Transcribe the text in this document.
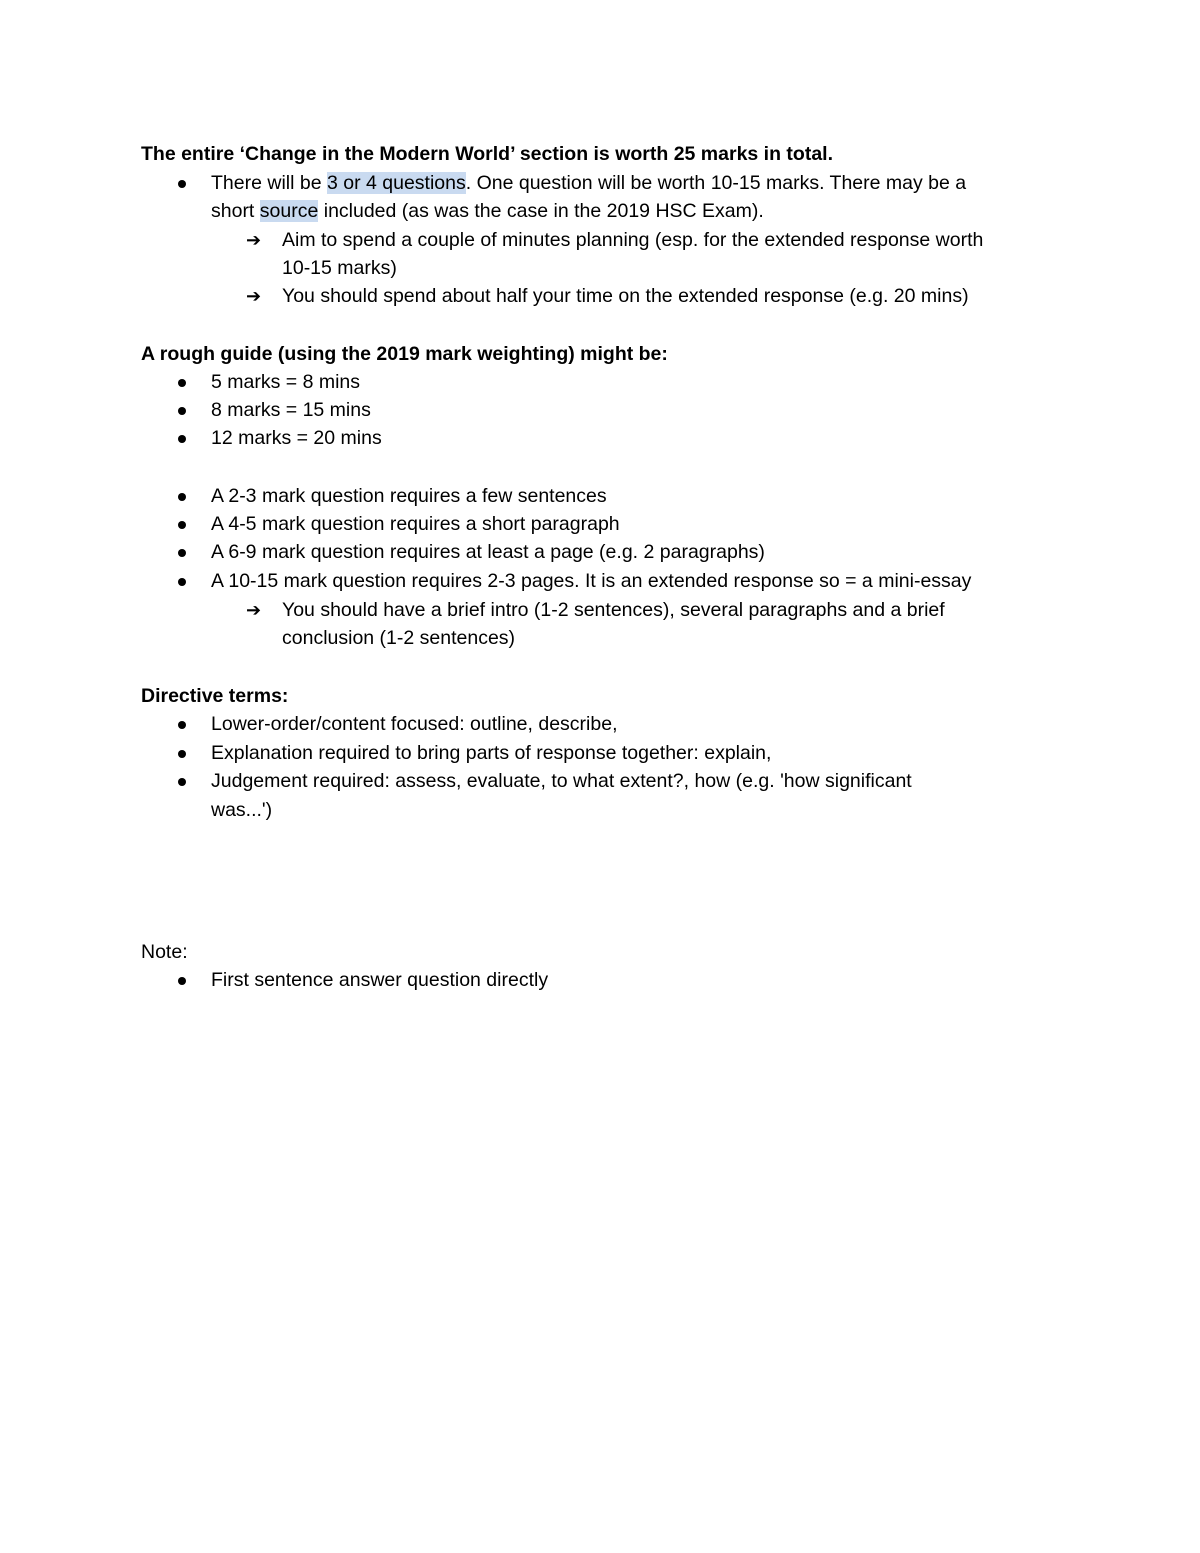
The entire ‘Change in the Modern World’ section is worth 25 marks in total.
There will be 3 or 4 questions. One question will be worth 10-15 marks. There may be a
short source included (as was the case in the 2019 HSC Exam).
➔ Aim to spend a couple of minutes planning (esp. for the extended response worth
10-15 marks)
➔ You should spend about half your time on the extended response (e.g. 20 mins)
A rough guide (using the 2019 mark weighting) might be:
5 marks = 8 mins
8 marks = 15 mins
12 marks = 20 mins
A 2-3 mark question requires a few sentences
A 4-5 mark question requires a short paragraph
A 6-9 mark question requires at least a page (e.g. 2 paragraphs)
A 10-15 mark question requires 2-3 pages. It is an extended response so = a mini-essay
➔ You should have a brief intro (1-2 sentences), several paragraphs and a brief
conclusion (1-2 sentences)
Directive terms:
Lower-order/content focused: outline, describe,
Explanation required to bring parts of response together: explain,
Judgement required: assess, evaluate, to what extent?, how (e.g. 'how significant
was...')
Note:
First sentence answer question directly
